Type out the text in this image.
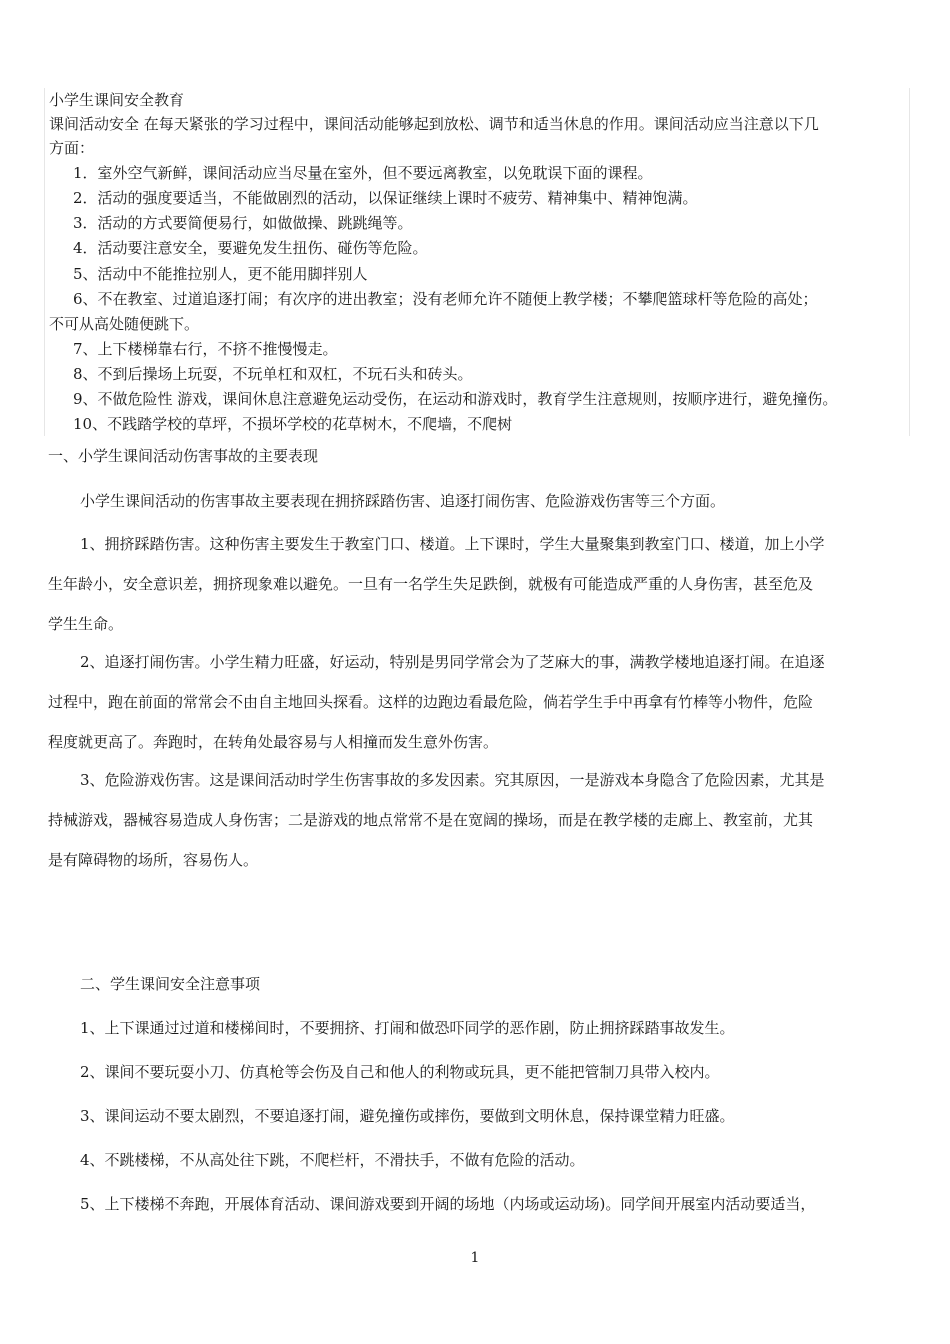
小学生课间安全教育
课间活动安全 在每天紧张的学习过程中，课间活动能够起到放松、调节和适当休息的作用。课间活动应当注意以下几
方面：
1．室外空气新鲜，课间活动应当尽量在室外，但不要远离教室，以免耽误下面的课程。
2．活动的强度要适当，不能做剧烈的活动，以保证继续上课时不疲劳、精神集中、精神饱满。
3．活动的方式要简便易行，如做做操、跳跳绳等。
4．活动要注意安全，要避免发生扭伤、碰伤等危险。
5、活动中不能推拉别人，更不能用脚拌别人
6、不在教室、过道追逐打闹；有次序的进出教室；没有老师允许不随便上教学楼；不攀爬篮球杆等危险的高处；
不可从高处随便跳下。
7、上下楼梯靠右行，不挤不推慢慢走。
8、不到后操场上玩耍，不玩单杠和双杠，不玩石头和砖头。
9、不做危险性 游戏，课间休息注意避免运动受伤，在运动和游戏时，教育学生注意规则，按顺序进行，避免撞伤。
10、不践踏学校的草坪，不损坏学校的花草树木，不爬墙，不爬树
一、小学生课间活动伤害事故的主要表现
小学生课间活动的伤害事故主要表现在拥挤踩踏伤害、追逐打闹伤害、危险游戏伤害等三个方面。
1、拥挤踩踏伤害。这种伤害主要发生于教室门口、楼道。上下课时，学生大量聚集到教室门口、楼道，加上小学
生年龄小，安全意识差，拥挤现象难以避免。一旦有一名学生失足跌倒，就极有可能造成严重的人身伤害，甚至危及
学生生命。
2、追逐打闹伤害。小学生精力旺盛，好运动，特别是男同学常会为了芝麻大的事，满教学楼地追逐打闹。在追逐
过程中，跑在前面的常常会不由自主地回头探看。这样的边跑边看最危险，倘若学生手中再拿有竹棒等小物件，危险
程度就更高了。奔跑时，在转角处最容易与人相撞而发生意外伤害。
3、危险游戏伤害。这是课间活动时学生伤害事故的多发因素。究其原因，一是游戏本身隐含了危险因素，尤其是
持械游戏，器械容易造成人身伤害；二是游戏的地点常常不是在宽阔的操场，而是在教学楼的走廊上、教室前，尤其
是有障碍物的场所，容易伤人。
二、学生课间安全注意事项
1、上下课通过过道和楼梯间时，不要拥挤、打闹和做恐吓同学的恶作剧，防止拥挤踩踏事故发生。
2、课间不要玩耍小刀、仿真枪等会伤及自己和他人的利物或玩具，更不能把管制刀具带入校内。
3、课间运动不要太剧烈，不要追逐打闹，避免撞伤或摔伤，要做到文明休息，保持课堂精力旺盛。
4、不跳楼梯，不从高处往下跳，不爬栏杆，不滑扶手，不做有危险的活动。
5、上下楼梯不奔跑，开展体育活动、课间游戏要到开阔的场地（内场或运动场)。同学间开展室内活动要适当，
1
